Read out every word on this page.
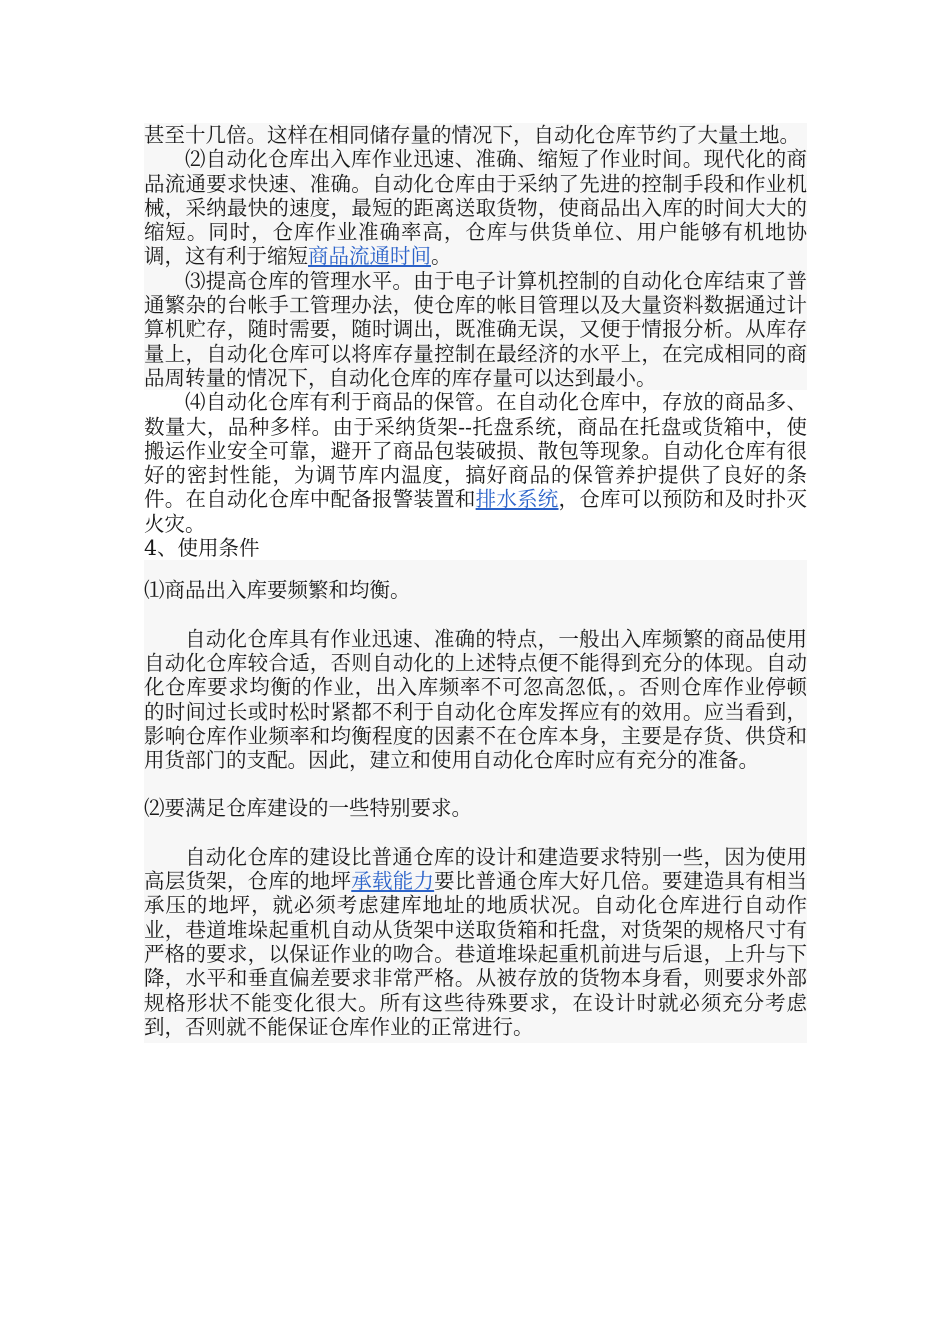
甚至十几倍。这样在相同储存量的情况下，自动化仓库节约了大量土地。

⑵自动化仓库出入库作业迅速、准确、缩短了作业时间。现代化的商品流通要求快速、准确。自动化仓库由于采纳了先进的控制手段和作业机械，采纳最快的速度，最短的距离送取货物，使商品出入库的时间大大的缩短。同时，仓库作业准确率高，仓库与供货单位、用户能够有机地协调，这有利于缩短商品流通时间。

⑶提高仓库的管理水平。由于电子计算机控制的自动化仓库结束了普通繁杂的台帐手工管理办法，使仓库的帐目管理以及大量资料数据通过计算机贮存，随时需要，随时调出，既准确无误，又便于情报分析。从库存量上，自动化仓库可以将库存量控制在最经济的水平上，在完成相同的商品周转量的情况下，自动化仓库的库存量可以达到最小。

⑷自动化仓库有利于商品的保管。在自动化仓库中，存放的商品多、数量大，品种多样。由于采纳货架--托盘系统，商品在托盘或货箱中，使搬运作业安全可靠，避开了商品包装破损、散包等现象。自动化仓库有很好的密封性能，为调节库内温度，搞好商品的保管养护提供了良好的条件。在自动化仓库中配备报警装置和排水系统，仓库可以预防和及时扑灭火灾。

4、使用条件

⑴商品出入库要频繁和均衡。

自动化仓库具有作业迅速、准确的特点，一般出入库频繁的商品使用自动化仓库较合适，否则自动化的上述特点便不能得到充分的体现。自动化仓库要求均衡的作业，出入库频率不可忽高忽低，。否则仓库作业停顿的时间过长或时松时紧都不利于自动化仓库发挥应有的效用。应当看到，影响仓库作业频率和均衡程度的因素不在仓库本身，主要是存货、供贷和用货部门的支配。因此，建立和使用自动化仓库时应有充分的准备。

⑵要满足仓库建设的一些特别要求。

自动化仓库的建设比普通仓库的设计和建造要求特别一些，因为使用高层货架，仓库的地坪承载能力要比普通仓库大好几倍。要建造具有相当承压的地坪，就必须考虑建库地址的地质状况。自动化仓库进行自动作业，巷道堆垛起重机自动从货架中送取货箱和托盘，对货架的规格尺寸有严格的要求，以保证作业的吻合。巷道堆垛起重机前进与后退，上升与下降，水平和垂直偏差要求非常严格。从被存放的货物本身看，则要求外部规格形状不能变化很大。所有这些待殊要求，在设计时就必须充分考虑到，否则就不能保证仓库作业的正常进行。
